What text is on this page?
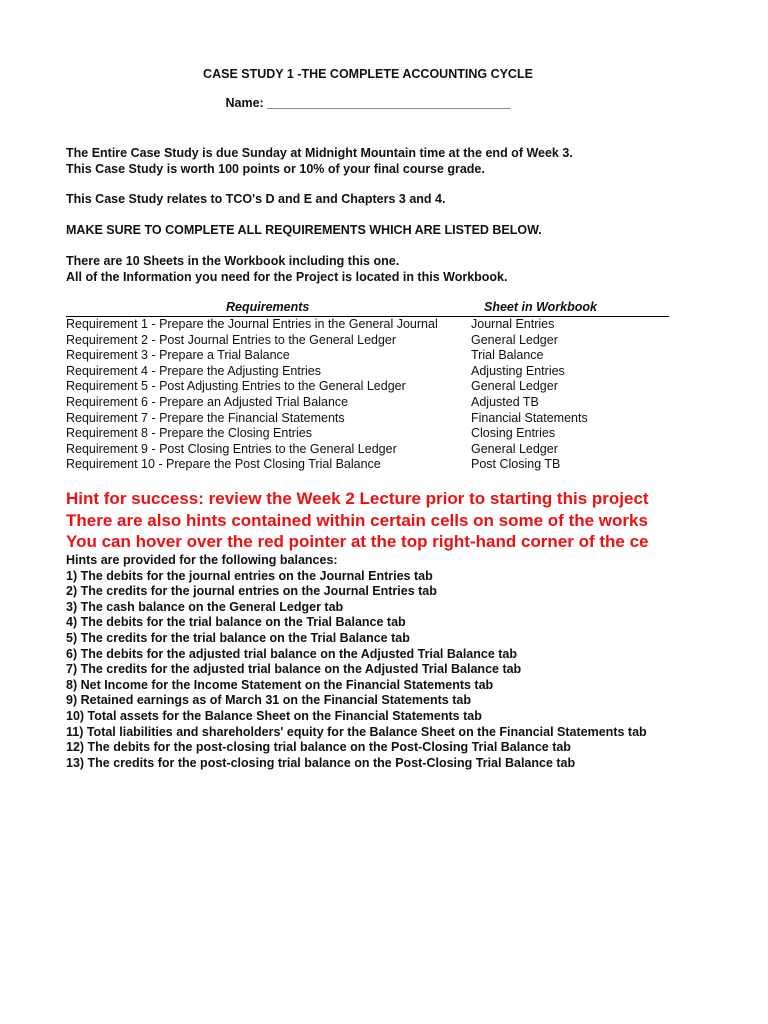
CASE STUDY 1 -THE COMPLETE ACCOUNTING CYCLE
Name: ___________________________________
The Entire Case Study is due Sunday at Midnight Mountain time at the end of Week 3.
This Case Study is worth 100 points or 10% of your final course grade.
This Case Study relates to TCO's D and E and Chapters 3 and 4.
MAKE SURE TO COMPLETE ALL REQUIREMENTS WHICH ARE LISTED BELOW.
There are 10 Sheets in the Workbook including this one.
All of the Information you need for the Project is located in this Workbook.
Requirements	Sheet in Workbook
Requirement 1 - Prepare the Journal Entries in the General Journal	Journal Entries
Requirement 2 - Post Journal Entries to the General Ledger	General Ledger
Requirement 3 - Prepare a Trial Balance	Trial Balance
Requirement 4 - Prepare the Adjusting Entries	Adjusting Entries
Requirement 5 - Post Adjusting Entries to the General Ledger	General Ledger
Requirement 6 - Prepare an Adjusted Trial Balance	Adjusted TB
Requirement 7 - Prepare the Financial Statements	Financial Statements
Requirement 8 - Prepare the Closing Entries	Closing Entries
Requirement 9 - Post Closing Entries to the General Ledger	General Ledger
Requirement 10 - Prepare the Post Closing Trial Balance	Post Closing TB
Hint for success: review the Week 2 Lecture prior to starting this project
There are also hints contained within certain cells on some of the works
You can hover over the red pointer at the top right-hand corner of the ce
Hints are provided for the following balances:
1) The debits for the journal entries on the Journal Entries tab
2) The credits for the journal entries on the Journal Entries tab
3) The cash balance on the General Ledger tab
4) The debits for the trial balance on the Trial Balance tab
5) The credits for the trial balance on the Trial Balance tab
6) The debits for the adjusted trial balance on the Adjusted Trial Balance tab
7) The credits for the adjusted trial balance on the Adjusted Trial Balance tab
8) Net Income for the Income Statement on the Financial Statements tab
9) Retained earnings as of March 31 on the Financial Statements tab
10) Total assets for the Balance Sheet on the Financial Statements tab
11) Total liabilities and shareholders' equity for the Balance Sheet on the Financial Statements tab
12) The debits for the post-closing trial balance on the Post-Closing Trial Balance tab
13) The credits for the post-closing trial balance on the Post-Closing Trial Balance tab
